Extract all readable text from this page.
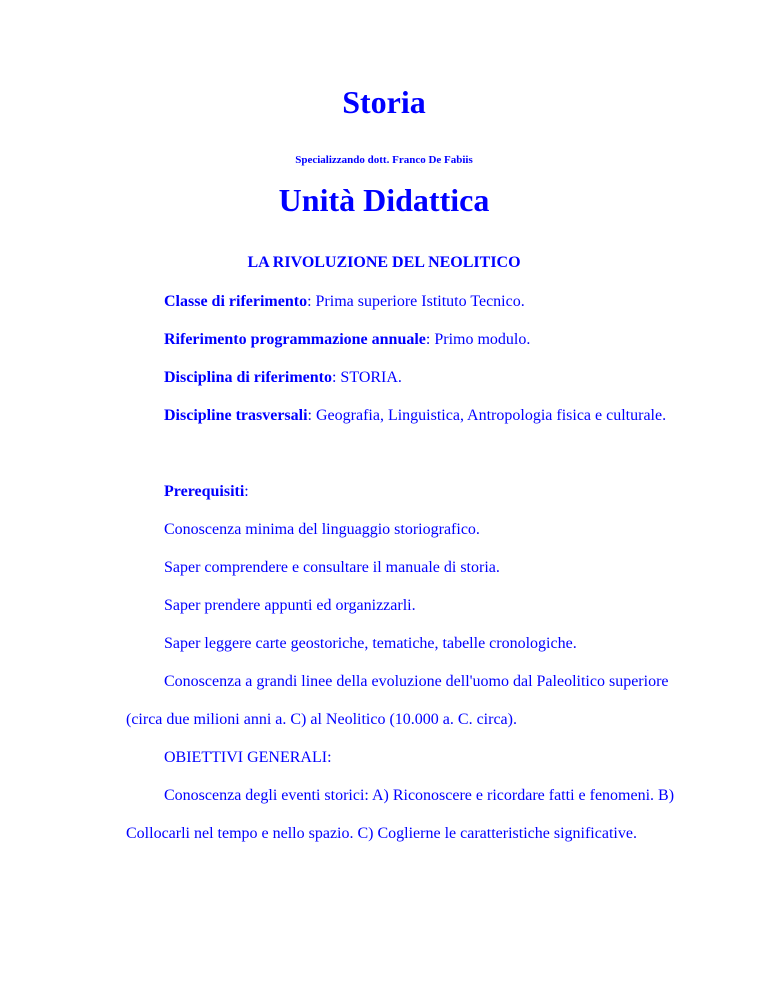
Storia
Specializzando dott. Franco De Fabiis
Unità Didattica
LA RIVOLUZIONE DEL NEOLITICO

Classe di riferimento: Prima superiore Istituto Tecnico.

Riferimento programmazione annuale: Primo modulo.

Disciplina di riferimento: STORIA.

Discipline trasversali: Geografia, Linguistica, Antropologia fisica e culturale.

Prerequisiti:

Conoscenza minima del linguaggio storiografico.

Saper comprendere e consultare il manuale di storia.

Saper prendere appunti ed organizzarli.

Saper leggere carte geostoriche, tematiche, tabelle cronologiche.

Conoscenza a grandi linee della evoluzione dell'uomo dal Paleolitico superiore (circa due milioni anni a. C) al Neolitico (10.000 a. C. circa).

OBIETTIVI GENERALI:

Conoscenza degli eventi storici: A) Riconoscere e ricordare fatti e fenomeni. B) Collocarli nel tempo e nello spazio. C) Coglierne le caratteristiche significative.
